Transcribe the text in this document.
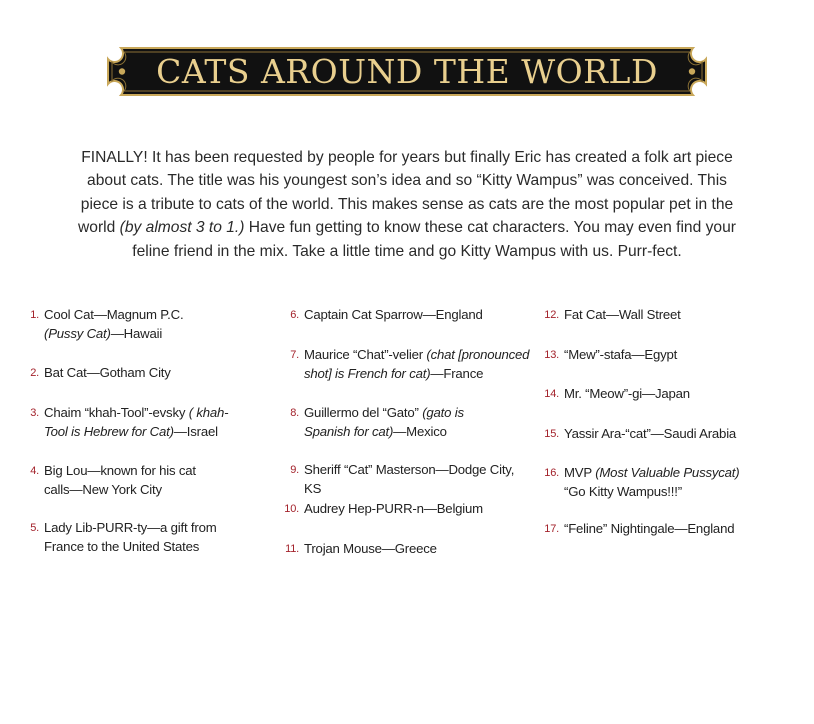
CATS AROUND THE WORLD

FINALLY! It has been requested by people for years but finally Eric has created a folk art piece about cats. The title was his youngest son’s idea and so “Kitty Wampus” was conceived. This piece is a tribute to cats of the world. This makes sense as cats are the most popular pet in the world (by almost 3 to 1.) Have fun getting to know these cat characters. You may even find your feline friend in the mix. Take a little time and go Kitty Wampus with us. Purr-fect.

1. Cool Cat—Magnum P.C.
(Pussy Cat)—Hawaii
2. Bat Cat—Gotham City
3. Chaim “khah-Tool”-evsky ( khah-
Tool is Hebrew for Cat)—Israel
4. Big Lou—known for his cat
calls—New York City
5. Lady Lib-PURR-ty—a gift from
France to the United States
6. Captain Cat Sparrow—England
7. Maurice “Chat”-velier (chat [pronounced
shot] is French for cat)—France
8. Guillermo del “Gato” (gato is
Spanish for cat)—Mexico
9. Sheriff “Cat” Masterson—Dodge City, KS
10. Audrey Hep-PURR-n—Belgium
11. Trojan Mouse—Greece
12. Fat Cat—Wall Street
13. “Mew”-stafa—Egypt
14. Mr. “Meow”-gi—Japan
15. Yassir Ara-“cat”—Saudi Arabia
16. MVP (Most Valuable Pussycat)
“Go Kitty Wampus!!!”
17. “Feline” Nightingale—England
